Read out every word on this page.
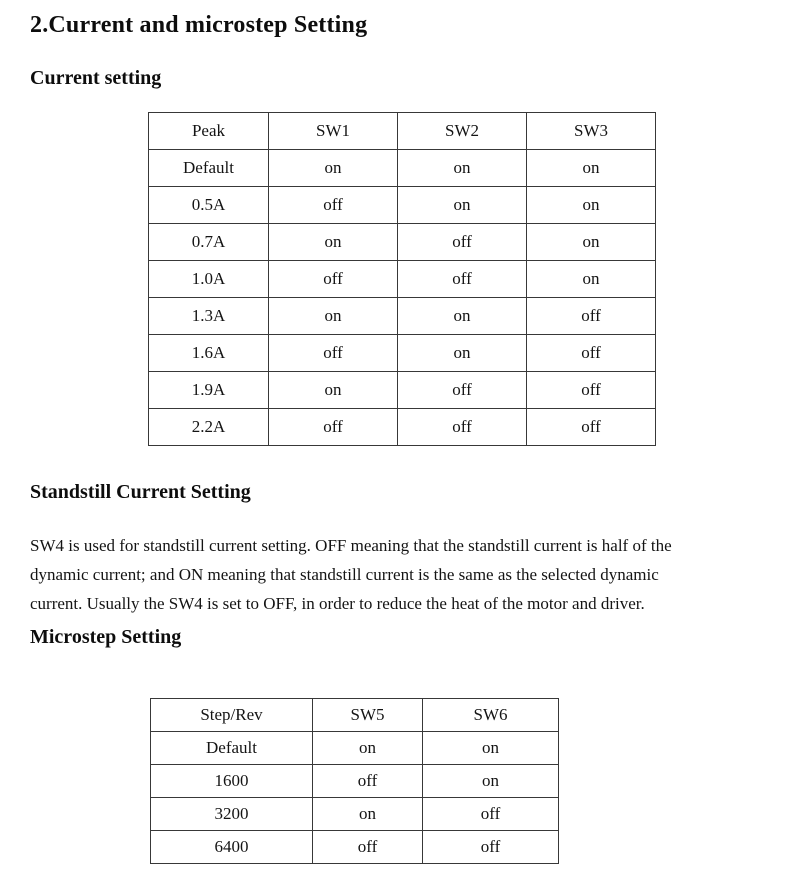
2.Current and microstep Setting
Current setting
Peak	SW1	SW2	SW3
Default	on	on	on
0.5A	off	on	on
0.7A	on	off	on
1.0A	off	off	on
1.3A	on	on	off
1.6A	off	on	off
1.9A	on	off	off
2.2A	off	off	off
Standstill Current Setting
SW4 is used for standstill current setting. OFF meaning that the standstill current is half of the
dynamic current; and ON meaning that standstill current is the same as the selected dynamic
current. Usually the SW4 is set to OFF, in order to reduce the heat of the motor and driver.
Microstep Setting
Step/Rev	SW5	SW6
Default	on	on
1600	off	on
3200	on	off
6400	off	off
